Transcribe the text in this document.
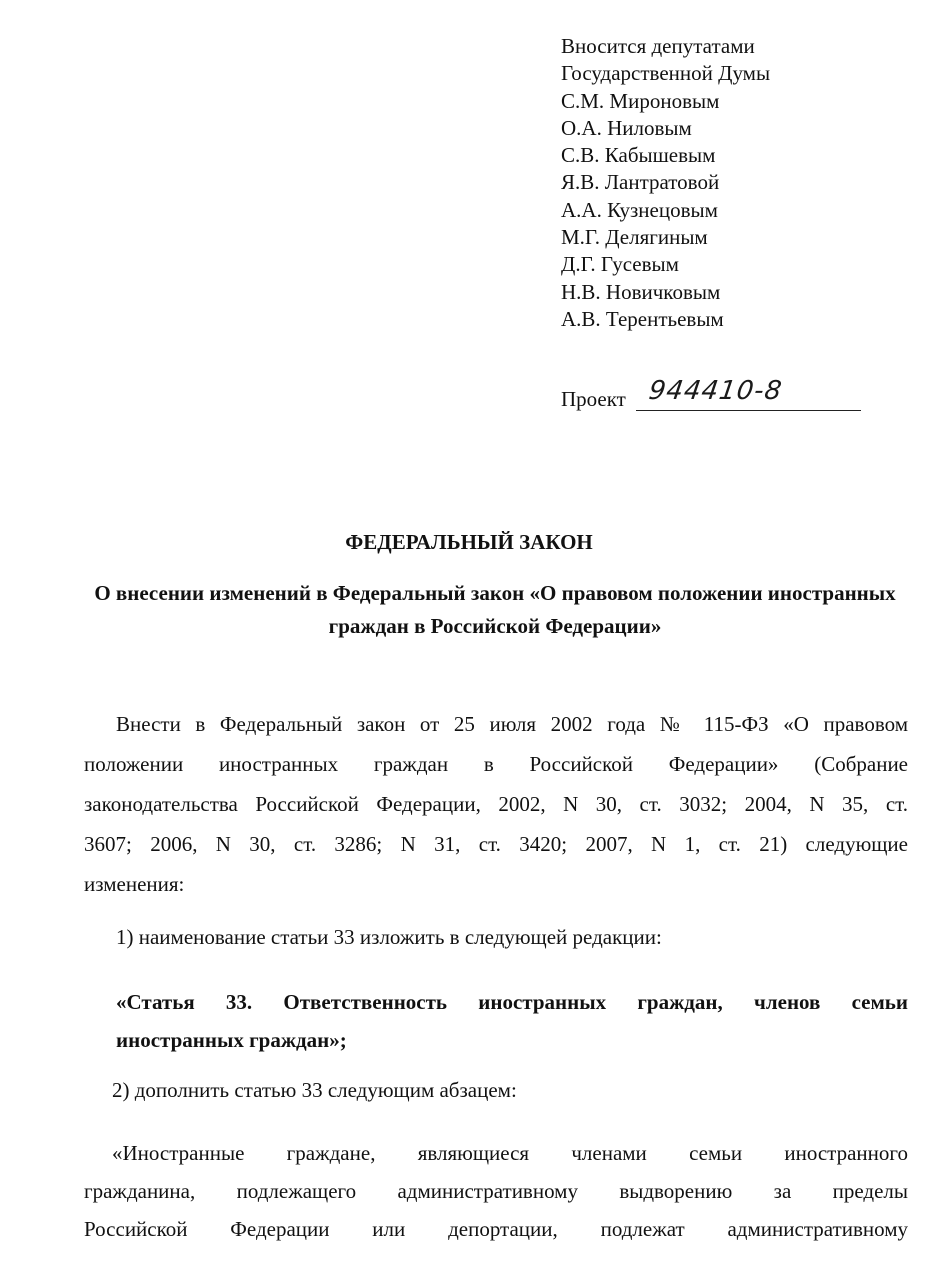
Вносится депутатами
Государственной Думы
С.М. Мироновым
О.А. Ниловым
С.В. Кабышевым
Я.В. Лантратовой
А.А. Кузнецовым
М.Г. Делягиным
Д.Г. Гусевым
Н.В. Новичковым
А.В. Терентьевым
Проект 944410-8
ФЕДЕРАЛЬНЫЙ ЗАКОН
О внесении изменений в Федеральный закон «О правовом положении иностранных граждан в Российской Федерации»
Внести в Федеральный закон от 25 июля 2002 года № 115-ФЗ «О правовом
положении иностранных граждан в Российской Федерации» (Собрание
законодательства Российской Федерации, 2002, N 30, ст. 3032; 2004, N 35, ст.
3607; 2006, N 30, ст. 3286; N 31, ст. 3420; 2007, N 1, ст. 21) следующие
изменения:
1) наименование статьи 33 изложить в следующей редакции:
«Статья 33. Ответственность иностранных граждан, членов семьи
иностранных граждан»;
2) дополнить статью 33 следующим абзацем:
«Иностранные граждане, являющиеся членами семьи иностранного
гражданина, подлежащего административному выдворению за пределы
Российской Федерации или депортации, подлежат административному
